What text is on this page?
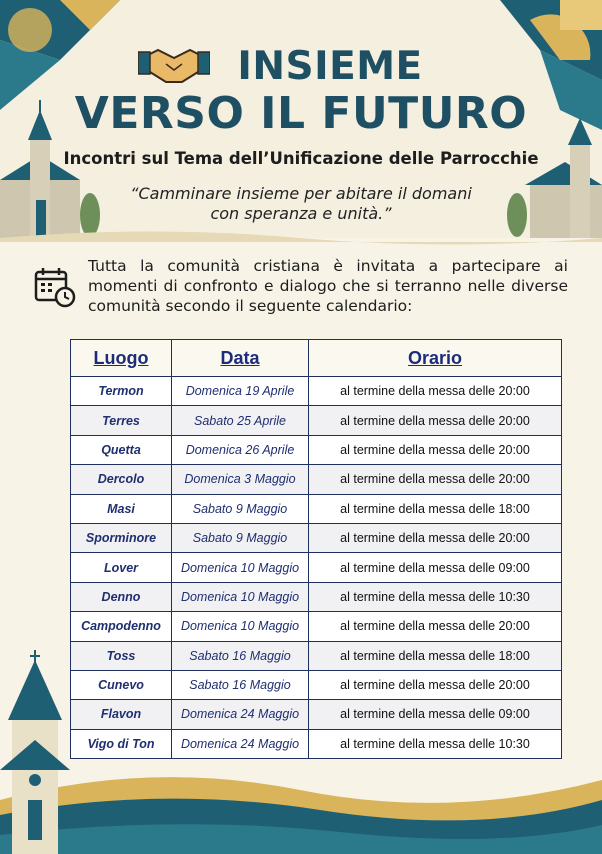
INSIEME
VERSO IL FUTURO
Incontri sul Tema dell’Unificazione delle Parrocchie
“Camminare insieme per abitare il domani
con speranza e unità.”
Tutta la comunità cristiana è invitata a partecipare ai momenti di confronto e dialogo che si terranno nelle diverse comunità secondo il seguente calendario:
Luogo	Data	Orario
Termon	Domenica 19 Aprile	al termine della messa delle 20:00
Terres	Sabato 25 Aprile	al termine della messa delle 20:00
Quetta	Domenica 26 Aprile	al termine della messa delle 20:00
Dercolo	Domenica 3 Maggio	al termine della messa delle 20:00
Masi	Sabato 9 Maggio	al termine della messa delle 18:00
Sporminore	Sabato 9 Maggio	al termine della messa delle 20:00
Lover	Domenica 10 Maggio	al termine della messa delle 09:00
Denno	Domenica 10 Maggio	al termine della messa delle 10:30
Campodenno	Domenica 10 Maggio	al termine della messa delle 20:00
Toss	Sabato 16 Maggio	al termine della messa delle 18:00
Cunevo	Sabato 16 Maggio	al termine della messa delle 20:00
Flavon	Domenica 24 Maggio	al termine della messa delle 09:00
Vigo di Ton	Domenica 24 Maggio	al termine della messa delle 10:30
